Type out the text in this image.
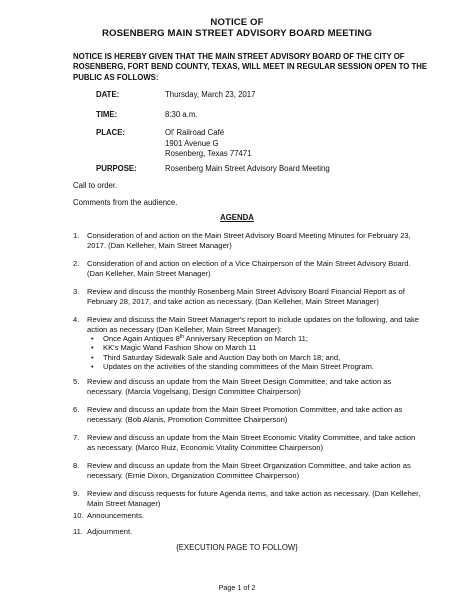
NOTICE OF
ROSENBERG MAIN STREET ADVISORY BOARD MEETING
NOTICE IS HEREBY GIVEN THAT THE MAIN STREET ADVISORY BOARD OF THE CITY OF
ROSENBERG, FORT BEND COUNTY, TEXAS, WILL MEET IN REGULAR SESSION OPEN TO THE
PUBLIC AS FOLLOWS:
DATE:	Thursday, March 23, 2017
TIME:	8:30 a.m.
PLACE:	Ol' Railroad Café
1901 Avenue G
Rosenberg, Texas 77471
PURPOSE:	Rosenberg Main Street Advisory Board Meeting
Call to order.
Comments from the audience.
AGENDA
1. Consideration of and action on the Main Street Advisory Board Meeting Minutes for February 23,
2017. (Dan Kelleher, Main Street Manager)
2. Consideration of and action on election of a Vice Chairperson of the Main Street Advisory Board.
(Dan Kelleher, Main Street Manager)
3. Review and discuss the monthly Rosenberg Main Street Advisory Board Financial Report as of
February 28, 2017, and take action as necessary. (Dan Kelleher, Main Street Manager)
4. Review and discuss the Main Street Manager's report to include updates on the following, and take
action as necessary (Dan Kelleher, Main Street Manager):
• Once Again Antiques 8th Anniversary Reception on March 11;
• KK's Magic Wand Fashion Show on March 11
• Third Saturday Sidewalk Sale and Auction Day both on March 18; and,
• Updates on the activities of the standing committees of the Main Street Program.
5. Review and discuss an update from the Main Street Design Committee, and take action as
necessary. (Marcia Vogelsang, Design Committee Chairperson)
6. Review and discuss an update from the Main Street Promotion Committee, and take action as
necessary. (Bob Alanis, Promotion Committee Chairperson)
7. Review and discuss an update from the Main Street Economic Vitality Committee, and take action
as necessary. (Marco Ruiz, Economic Vitality Committee Chairperson)
8. Review and discuss an update from the Main Street Organization Committee, and take action as
necessary. (Ernie Dixon, Organization Committee Chairperson)
9. Review and discuss requests for future Agenda items, and take action as necessary. (Dan Kelleher,
Main Street Manager)
10. Announcements.
11. Adjournment.
{EXECUTION PAGE TO FOLLOW}
Page 1 of 2
